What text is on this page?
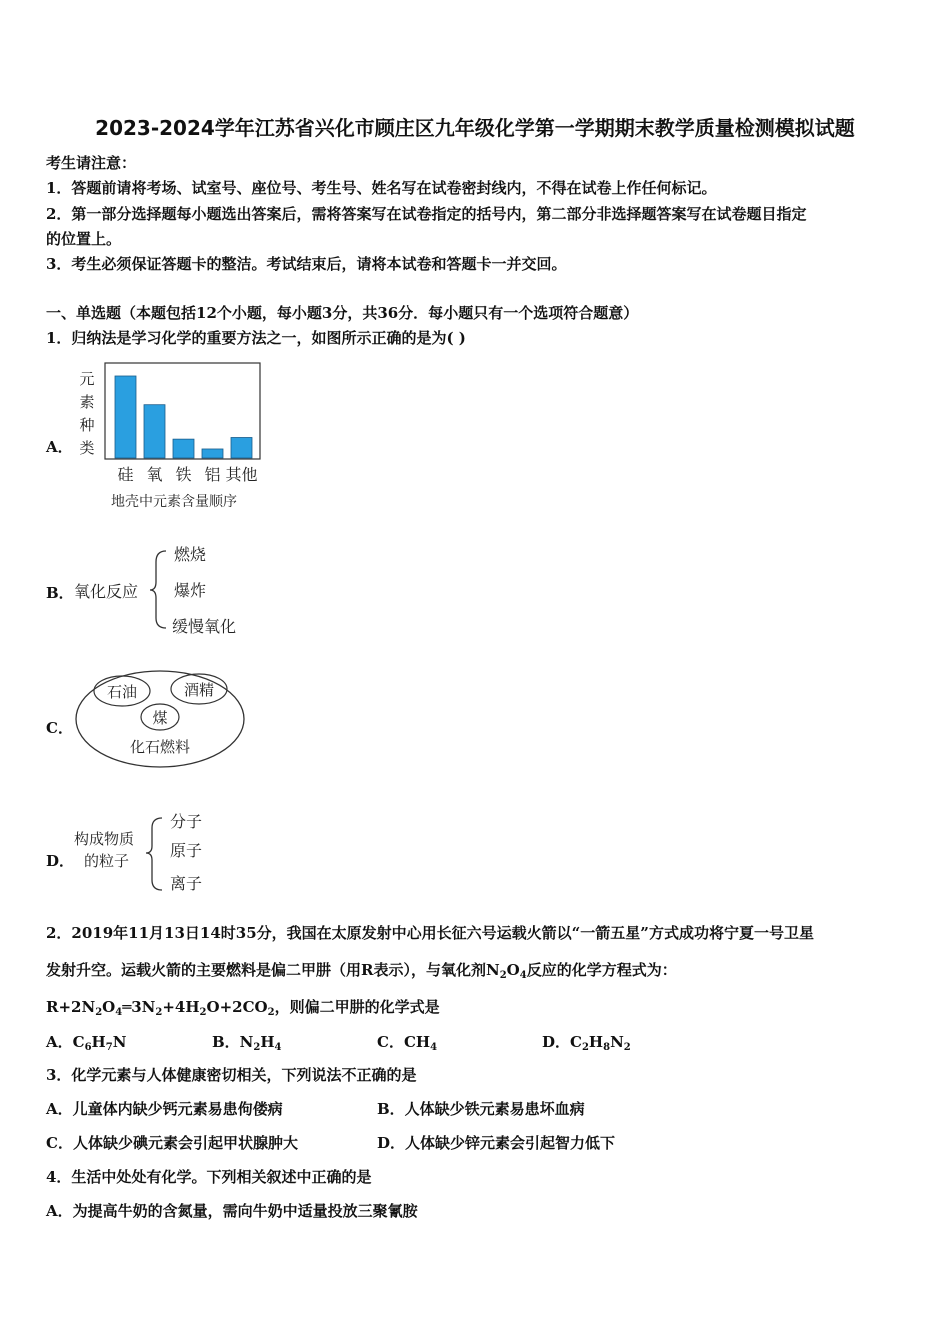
2023-2024学年江苏省兴化市顾庄区九年级化学第一学期期末教学质量检测模拟试题
考生请注意：
1．答题前请将考场、试室号、座位号、考生号、姓名写在试卷密封线内，不得在试卷上作任何标记。
2．第一部分选择题每小题选出答案后，需将答案写在试卷指定的括号内，第二部分非选择题答案写在试卷题目指定
的位置上。
3．考生必须保证答题卡的整洁。考试结束后，请将本试卷和答题卡一并交回。
一、单选题（本题包括12个小题，每小题3分，共36分．每小题只有一个选项符合题意）
1．归纳法是学习化学的重要方法之一，如图所示正确的是为( )
A．
元
素
种
类
硅 氧 铁 铝 其他
地壳中元素含量顺序
B． 氧化反应
燃烧
爆炸
缓慢氧化
C．
石油	酒精
煤
化石燃料
D．
构成物质
的粒子
分子
原子
离子
2．2019年11月13日14时35分，我国在太原发射中心用长征六号运载火箭以“一箭五星”方式成功将宁夏一号卫星
发射升空。运载火箭的主要燃料是偏二甲肼（用R表示），与氧化剂$N_2O_4$反应的化学方程式为：
$R+2N_2O_4═3N_2+4H_2O+2CO_2$，则偏二甲肼的化学式是
A．$C_6H_7N$	B．$N_2H_4$	C．$CH_4$	D．$C_2H_8N_2$
3．化学元素与人体健康密切相关，下列说法不正确的是
A．儿童体内缺少钙元素易患佝偻病	B．人体缺少铁元素易患坏血病
C．人体缺少碘元素会引起甲状腺肿大	D．人体缺少锌元素会引起智力低下
4．生活中处处有化学。下列相关叙述中正确的是
A．为提高牛奶的含氮量，需向牛奶中适量投放三聚氰胺
